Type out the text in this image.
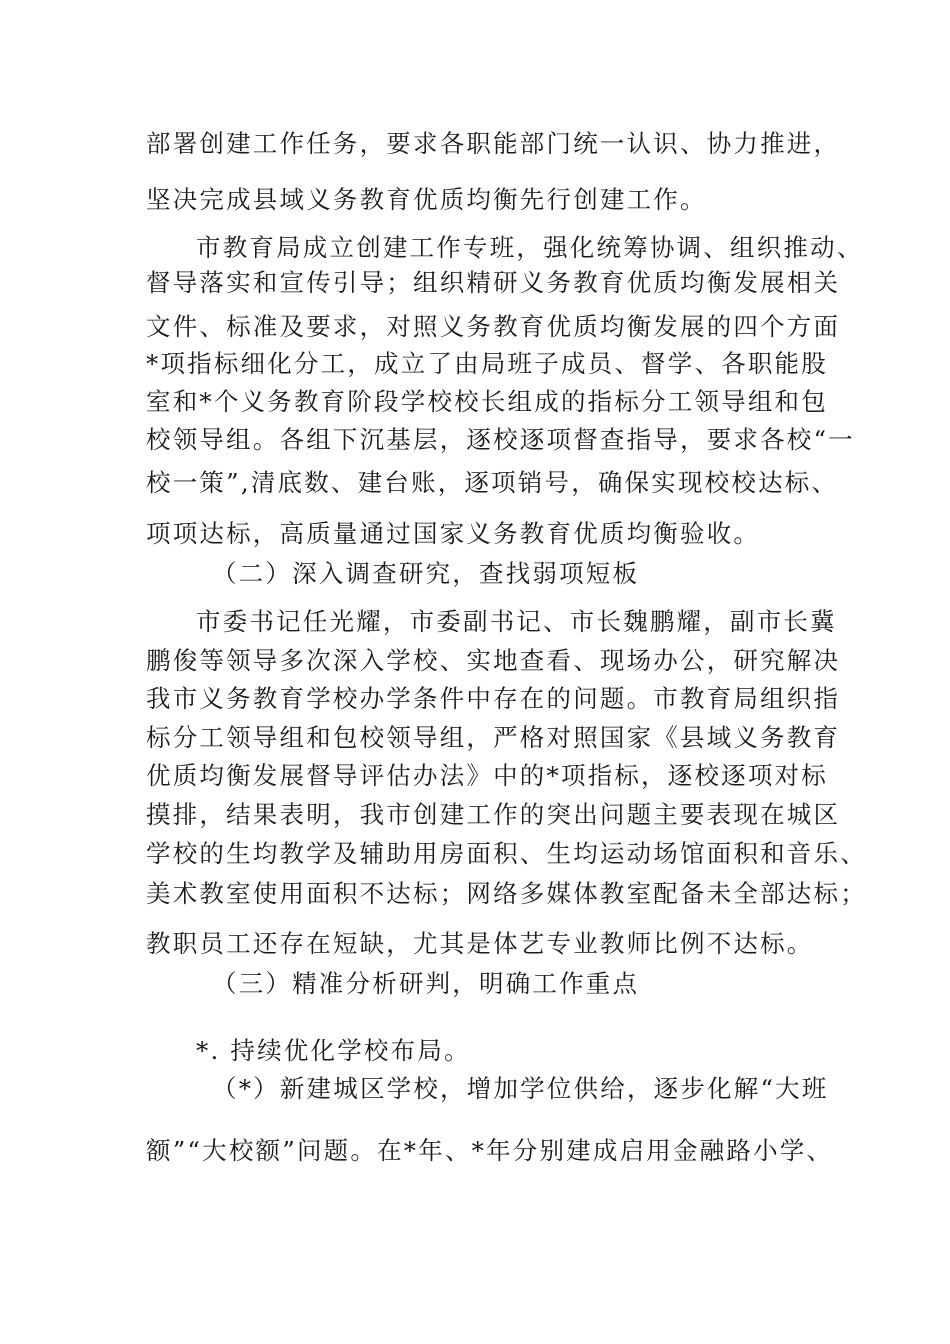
部署创建工作任务，要求各职能部门统一认识、协力推进，
坚决完成县域义务教育优质均衡先行创建工作。
市教育局成立创建工作专班，强化统筹协调、组织推动、
督导落实和宣传引导；组织精研义务教育优质均衡发展相关
文件、标准及要求，对照义务教育优质均衡发展的四个方面
*项指标细化分工，成立了由局班子成员、督学、各职能股
室和*个义务教育阶段学校校长组成的指标分工领导组和包
校领导组。各组下沉基层，逐校逐项督查指导，要求各校“一
校一策”,清底数、建台账，逐项销号，确保实现校校达标、
项项达标，高质量通过国家义务教育优质均衡验收。
（二）深入调查研究，查找弱项短板
市委书记任光耀，市委副书记、市长魏鹏耀，副市长冀
鹏俊等领导多次深入学校、实地查看、现场办公，研究解决
我市义务教育学校办学条件中存在的问题。市教育局组织指
标分工领导组和包校领导组，严格对照国家《县域义务教育
优质均衡发展督导评估办法》中的*项指标，逐校逐项对标
摸排，结果表明，我市创建工作的突出问题主要表现在城区
学校的生均教学及辅助用房面积、生均运动场馆面积和音乐、
美术教室使用面积不达标；网络多媒体教室配备未全部达标；
教职员工还存在短缺，尤其是体艺专业教师比例不达标。
（三）精准分析研判，明确工作重点
*. 持续优化学校布局。
（*）新建城区学校，增加学位供给，逐步化解“大班
额”“大校额”问题。在*年、*年分别建成启用金融路小学、
